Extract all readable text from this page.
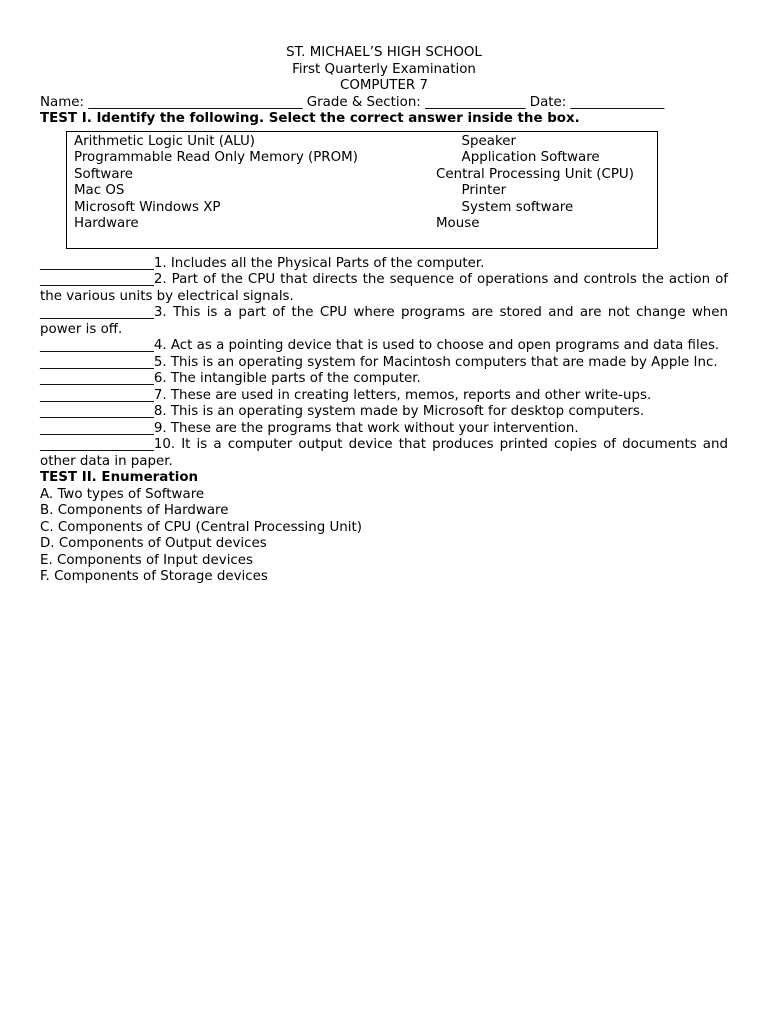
ST. MICHAEL’S HIGH SCHOOL
First Quarterly Examination
COMPUTER 7
Name: ________________________________ Grade & Section: _______________ Date: ______________
TEST I. Identify the following. Select the correct answer inside the box.
Arithmetic Logic Unit (ALU)
Programmable Read Only Memory (PROM)
Software
Mac OS
Microsoft Windows XP
Hardware
Speaker
Application Software
Central Processing Unit (CPU)
Printer
System software
Mouse
_________________1. Includes all the Physical Parts of the computer.
_________________2. Part of the CPU that directs the sequence of operations and controls the action of the various units by electrical signals.
_________________3. This is a part of the CPU where programs are stored and are not change when power is off.
_________________4. Act as a pointing device that is used to choose and open programs and data files.
_________________5. This is an operating system for Macintosh computers that are made by Apple Inc.
_________________6. The intangible parts of the computer.
_________________7. These are used in creating letters, memos, reports and other write-ups.
_________________8. This is an operating system made by Microsoft for desktop computers.
_________________9. These are the programs that work without your intervention.
_________________10. It is a computer output device that produces printed copies of documents and other data in paper.
TEST II. Enumeration
A. Two types of Software
B. Components of Hardware
C. Components of CPU (Central Processing Unit)
D. Components of Output devices
E. Components of Input devices
F. Components of Storage devices
